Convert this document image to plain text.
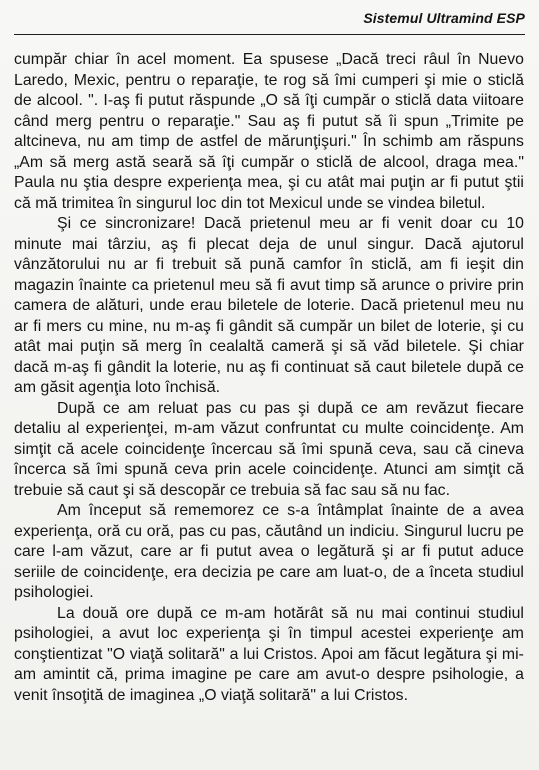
Sistemul Ultramind ESP

cumpăr chiar în acel moment. Ea spusese „Dacă treci râul în Nuevo Laredo, Mexic, pentru o reparaţie, te rog să îmi cumperi şi mie o sticlă de alcool. ". I-aş fi putut răspunde „O să îţi cumpăr o sticlă data viitoare când merg pentru o reparaţie." Sau aş fi putut să îi spun „Trimite pe altcineva, nu am timp de astfel de mărunţişuri." În schimb am răspuns „Am să merg astă seară să îţi cumpăr o sticlă de alcool, draga mea." Paula nu ştia despre experienţa mea, şi cu atât mai puţin ar fi putut ştii că mă trimitea în singurul loc din tot Mexicul unde se vindea biletul.

Şi ce sincronizare! Dacă prietenul meu ar fi venit doar cu 10 minute mai târziu, aş fi plecat deja de unul singur. Dacă ajutorul vânzătorului nu ar fi trebuit să pună camfor în sticlă, am fi ieşit din magazin înainte ca prietenul meu să fi avut timp să arunce o privire prin camera de alături, unde erau biletele de loterie. Dacă prietenul meu nu ar fi mers cu mine, nu m-aş fi gândit să cumpăr un bilet de loterie, şi cu atât mai puţin să merg în cealaltă cameră şi să văd biletele. Şi chiar dacă m-aş fi gândit la loterie, nu aş fi continuat să caut biletele după ce am găsit agenţia loto închisă.

După ce am reluat pas cu pas şi după ce am revăzut fiecare detaliu al experienţei, m-am văzut confruntat cu multe coincidenţe. Am simţit că acele coincidenţe încercau să îmi spună ceva, sau că cineva încerca să îmi spună ceva prin acele coincidenţe. Atunci am simţit că trebuie să caut şi să descopăr ce trebuia să fac sau să nu fac.

Am început să rememorez ce s-a întâmplat înainte de a avea experienţa, oră cu oră, pas cu pas, căutând un indiciu. Singurul lucru pe care l-am văzut, care ar fi putut avea o legătură şi ar fi putut aduce seriile de coincidenţe, era decizia pe care am luat-o, de a înceta studiul psihologiei.

La două ore după ce m-am hotărât să nu mai continui studiul psihologiei, a avut loc experienţa şi în timpul acestei experienţe am conştientizat "O viaţă solitară" a lui Cristos. Apoi am făcut legătura şi mi-am amintit că, prima imagine pe care am avut-o despre psihologie, a venit însoţită de imaginea „O viaţă solitară" a lui Cristos.
